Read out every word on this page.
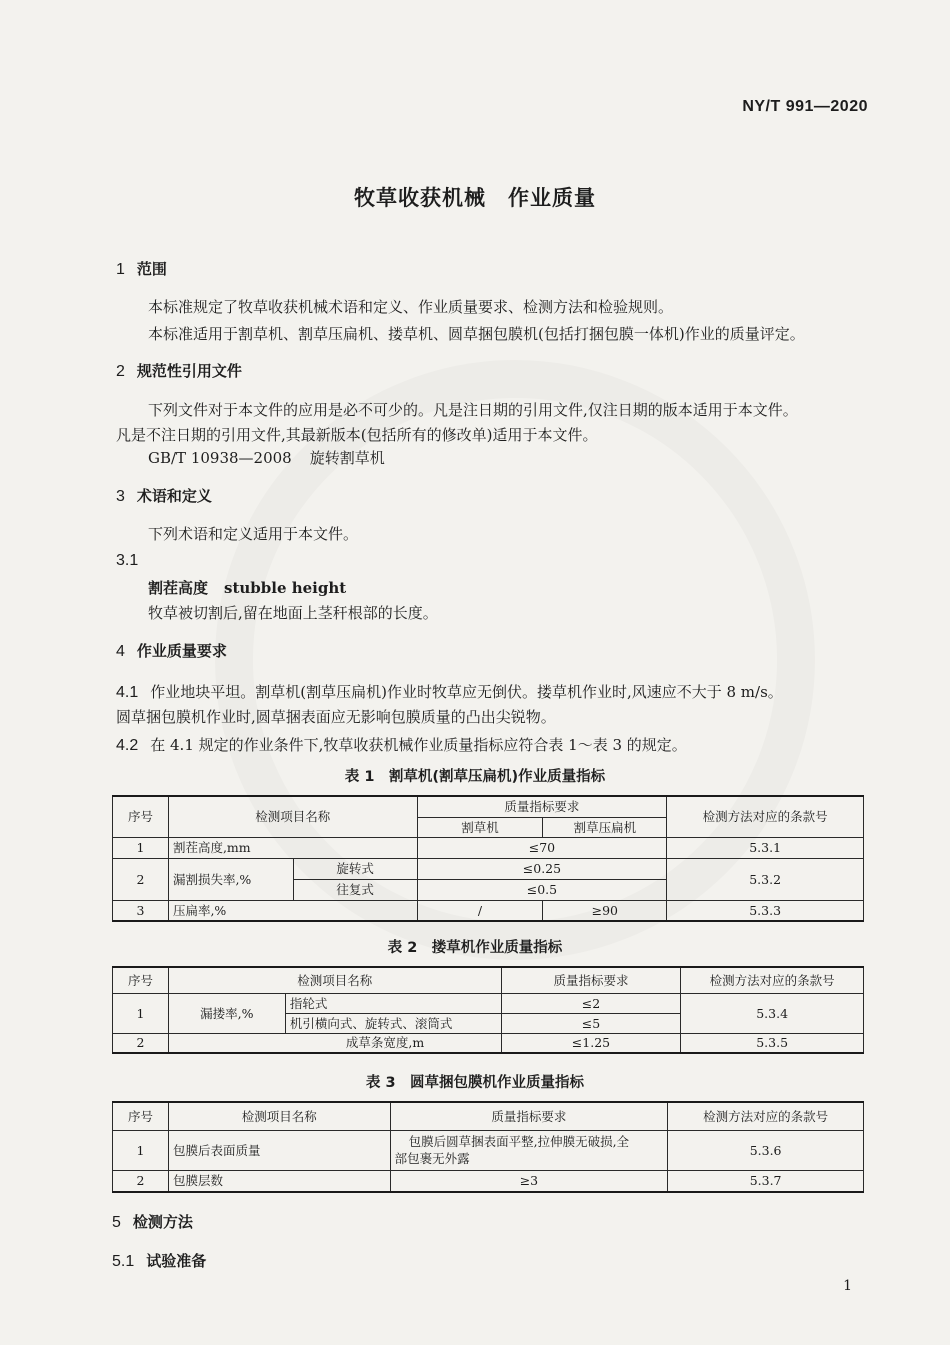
NY/T 991—2020
牧草收获机械　作业质量
1 范围
本标准规定了牧草收获机械术语和定义、作业质量要求、检测方法和检验规则。
本标准适用于割草机、割草压扁机、搂草机、圆草捆包膜机(包括打捆包膜一体机)作业的质量评定。
2 规范性引用文件
下列文件对于本文件的应用是必不可少的。凡是注日期的引用文件,仅注日期的版本适用于本文件。
凡是不注日期的引用文件,其最新版本(包括所有的修改单)适用于本文件。
GB/T 10938—2008 旋转割草机
3 术语和定义
下列术语和定义适用于本文件。
3.1
割茬高度 stubble height
牧草被切割后,留在地面上茎秆根部的长度。
4 作业质量要求
4.1 作业地块平坦。割草机(割草压扁机)作业时牧草应无倒伏。搂草机作业时,风速应不大于 8 m/s。
圆草捆包膜机作业时,圆草捆表面应无影响包膜质量的凸出尖锐物。
4.2 在 4.1 规定的作业条件下,牧草收获机械作业质量指标应符合表 1～表 3 的规定。
表 1　割草机(割草压扁机)作业质量指标
序号	检测项目名称		质量指标要求		检测方法对应的条款号
			割草机	割草压扁机	
1	割茬高度,mm		≤70		5.3.1
2	漏割损失率,%	旋转式	≤0.25		5.3.2
		往复式	≤0.5		
3	压扁率,%		/	≥90	5.3.3
表 2　搂草机作业质量指标
序号	检测项目名称		质量指标要求	检测方法对应的条款号
1	漏搂率,%	指轮式	≤2	5.3.4
		机引横向式、旋转式、滚筒式	≤5	
2	成草条宽度,m		≤1.25	5.3.5
表 3　圆草捆包膜机作业质量指标
序号	检测项目名称	质量指标要求	检测方法对应的条款号
1	包膜后表面质量	包膜后圆草捆表面平整,拉伸膜无破损,全
部包裹无外露	5.3.6
2	包膜层数	≥3	5.3.7
5 检测方法
5.1 试验准备
1
